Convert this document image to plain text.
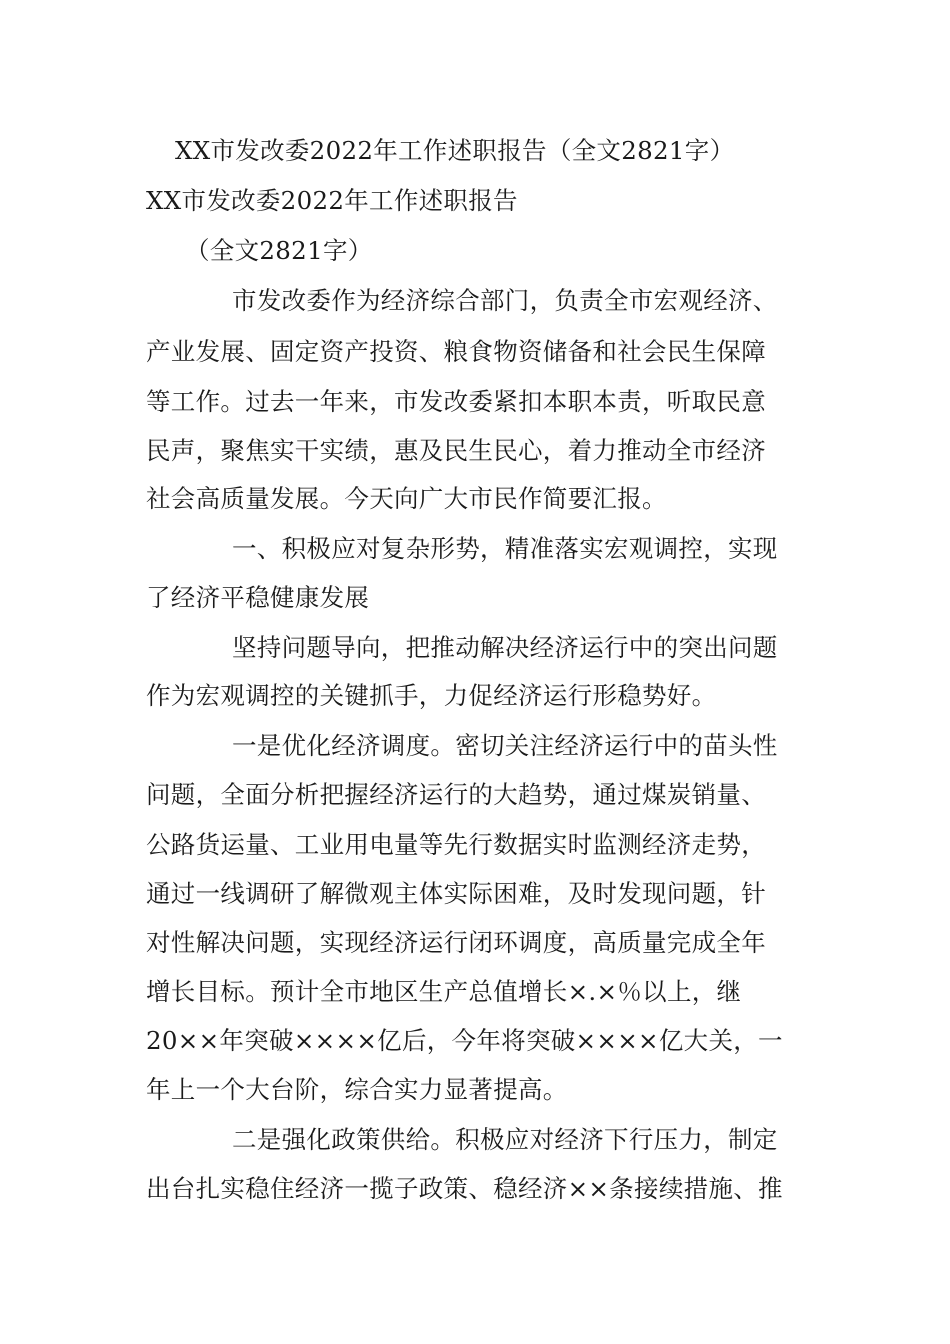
XX市发改委2022年工作述职报告（全文2821字）
XX市发改委2022年工作述职报告
（全文2821字）
市发改委作为经济综合部门，负责全市宏观经济、
产业发展、固定资产投资、粮食物资储备和社会民生保障
等工作。过去一年来，市发改委紧扣本职本责，听取民意
民声，聚焦实干实绩，惠及民生民心，着力推动全市经济
社会高质量发展。今天向广大市民作简要汇报。
一、积极应对复杂形势，精准落实宏观调控，实现
了经济平稳健康发展
坚持问题导向，把推动解决经济运行中的突出问题
作为宏观调控的关键抓手，力促经济运行形稳势好。
一是优化经济调度。密切关注经济运行中的苗头性
问题，全面分析把握经济运行的大趋势，通过煤炭销量、
公路货运量、工业用电量等先行数据实时监测经济走势，
通过一线调研了解微观主体实际困难，及时发现问题，针
对性解决问题，实现经济运行闭环调度，高质量完成全年
增长目标。预计全市地区生产总值增长×.×％以上，继
20××年突破××××亿后，今年将突破××××亿大关，一
年上一个大台阶，综合实力显著提高。
二是强化政策供给。积极应对经济下行压力，制定
出台扎实稳住经济一揽子政策、稳经济××条接续措施、推
